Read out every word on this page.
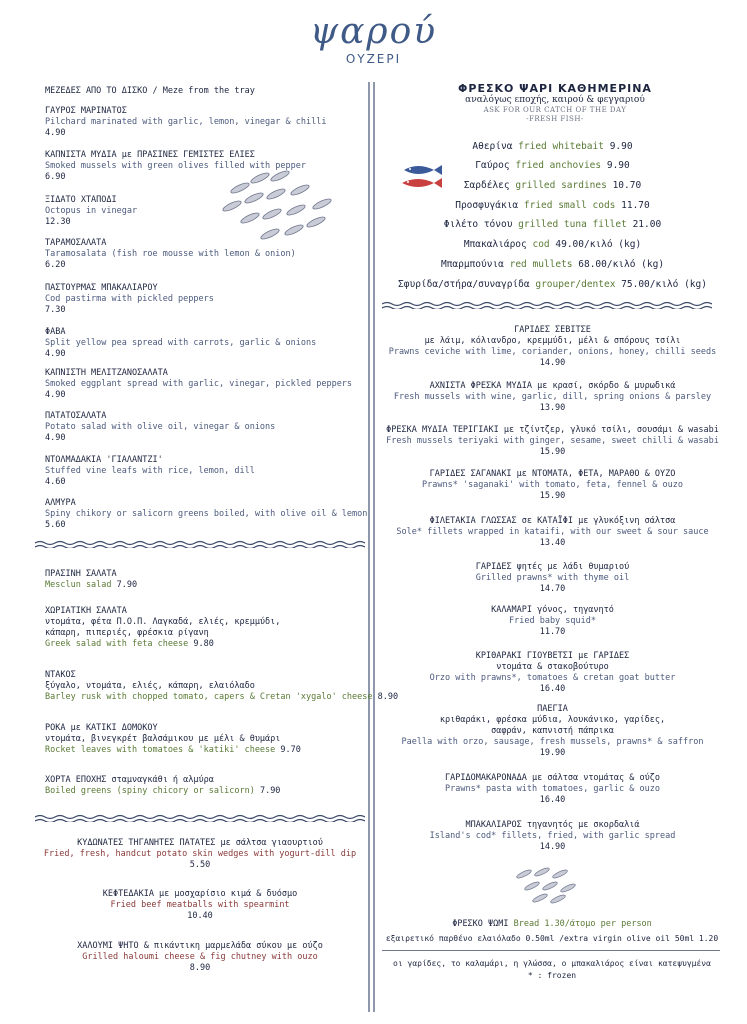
ψαρού
ΟΥΖΕΡΙ
ΜΕΖΕΔΕΣ ΑΠΟ ΤΟ ΔΙΣΚΟ / Meze from the tray
ΓΑΥΡΟΣ ΜΑΡΙΝΑΤΟΣ
Pilchard marinated with garlic, lemon, vinegar & chilli
4.90
ΚΑΠΝΙΣΤΑ ΜΥΔΙΑ με ΠΡΑΣΙΝΕΣ ΓΕΜΙΣΤΕΣ ΕΛΙΕΣ
Smoked mussels with green olives filled with pepper
6.90
ΞΙΔΑΤΟ ΧΤΑΠΟΔΙ
Octopus in vinegar
12.30
ΤΑΡΑΜΟΣΑΛΑΤΑ
Taramosalata (fish roe mousse with lemon & onion)
6.20
ΠΑΣΤΟΥΡΜΑΣ ΜΠΑΚΑΛΙΑΡΟΥ
Cod pastirma with pickled peppers
7.30
ΦΑΒΑ
Split yellow pea spread with carrots, garlic & onions
4.90
ΚΑΠΝΙΣΤΗ ΜΕΛΙΤΖΑΝΟΣΑΛΑΤΑ
Smoked eggplant spread with garlic, vinegar, pickled peppers
4.90
ΠΑΤΑΤΟΣΑΛΑΤΑ
Potato salad with olive oil, vinegar & onions
4.90
ΝΤΟΛΜΑΔΑΚΙΑ 'ΓΙΑΛΑΝΤΖΙ'
Stuffed vine leafs with rice, lemon, dill
4.60
ΑΛΜΥΡΑ
Spiny chikory or salicorn greens boiled, with olive oil & lemon
5.60
ΠΡΑΣΙΝΗ ΣΑΛΑΤΑ
Mesclun salad 7.90
ΧΩΡΙΑΤΙΚΗ ΣΑΛΑΤΑ
ντομάτα, φέτα Π.Ο.Π. Λαγκαδά, ελιές, κρεμμύδι,
κάπαρη, πιπεριές, φρέσκια ρίγανη
Greek salad with feta cheese 9.80
ΝΤΑΚΟΣ
ξύγαλο, ντομάτα, ελιές, κάπαρη, ελαιόλαδο
Barley rusk with chopped tomato, capers & Cretan 'xygalo' cheese 8.90
ΡΟΚΑ με ΚΑΤΙΚΙ ΔΟΜΟΚΟΥ
ντομάτα, βινεγκρέτ βαλσάμικου με μέλι & θυμάρι
Rocket leaves with tomatoes & 'katiki' cheese 9.70
ΧΟΡΤΑ ΕΠΟΧΗΣ σταμναγκάθι ή αλμύρα
Boiled greens (spiny chicory or salicorn) 7.90
ΚΥΔΩΝΑΤΕΣ ΤΗΓΑΝΗΤΕΣ ΠΑΤΑΤΕΣ με σάλτσα γιαουρτιού
Fried, fresh, handcut potato skin wedges with yogurt-dill dip
5.50
ΚΕΦΤΕΔΑΚΙΑ με μοσχαρίσιο κιμά & δυόσμο
Fried beef meatballs with spearmint
10.40
ΧΑΛΟΥΜΙ ΨΗΤΟ & πικάντικη μαρμελάδα σύκου με ούζο
Grilled haloumi cheese & fig chutney with ouzo
8.90
ΦΡΕΣΚΟ ΨΑΡΙ ΚΑΘΗΜΕΡΙΝΑ
αναλόγως εποχής, καιρού & φεγγαριού
ASK FOR OUR CATCH OF THE DAY
-FRESH FISH-
Αθερίνα fried whitebait 9.90
Γαύρος fried anchovies 9.90
Σαρδέλες grilled sardines 10.70
Προσφυγάκια fried small cods 11.70
Φιλέτο τόνου grilled tuna fillet 21.00
Μπακαλιάρος cod 49.00/κιλό (kg)
Μπαρμπούνια red mullets 68.00/κιλό (kg)
Σφυρίδα/στήρα/συναγρίδα grouper/dentex 75.00/κιλό (kg)
ΓΑΡΙΔΕΣ ΣΕΒΙΤΣΕ
με λάιμ, κόλιανδρο, κρεμμύδι, μέλι & σπόρους τσίλι
Prawns ceviche with lime, coriander, onions, honey, chilli seeds
14.90
ΑΧΝΙΣΤΑ ΦΡΕΣΚΑ ΜΥΔΙΑ με κρασί, σκόρδο & μυρωδικά
Fresh mussels with wine, garlic, dill, spring onions & parsley
13.90
ΦΡΕΣΚΑ ΜΥΔΙΑ ΤΕΡΙΓΙΑΚΙ με τζίντζερ, γλυκό τσίλι, σουσάμι & wasabi
Fresh mussels teriyaki with ginger, sesame, sweet chilli & wasabi
15.90
ΓΑΡΙΔΕΣ ΣΑΓΑΝΑΚΙ με ΝΤΟΜΑΤΑ, ΦΕΤΑ, ΜΑΡΑΘΟ & ΟΥΖΟ
Prawns* 'saganaki' with tomato, feta, fennel & ouzo
15.90
ΦΙΛΕΤΑΚΙΑ ΓΛΩΣΣΑΣ σε ΚΑΤΑΪΦΙ με γλυκόξινη σάλτσα
Sole* fillets wrapped in kataifi, with our sweet & sour sauce
13.40
ΓΑΡΙΔΕΣ ψητές με λάδι θυμαριού
Grilled prawns* with thyme oil
14.70
ΚΑΛΑΜΑΡΙ γόνος, τηγανητό
Fried baby squid*
11.70
ΚΡΙΘΑΡΑΚΙ ΓΙΟΥΒΕΤΣΙ με ΓΑΡΙΔΕΣ
ντομάτα & στακοβούτυρο
Orzo with prawns*, tomatoes & cretan goat butter
16.40
ΠΑΕΓΙΑ
κριθαράκι, φρέσκα μύδια, λουκάνικο, γαρίδες,
σαφράν, καπνιστή πάπρικα
Paella with orzo, sausage, fresh mussels, prawns* & saffron
19.90
ΓΑΡΙΔΟΜΑΚΑΡΟΝΑΔΑ με σάλτσα ντομάτας & ούζο
Prawns* pasta with tomatoes, garlic & ouzo
16.40
ΜΠΑΚΑΛΙΑΡΟΣ τηγανητός με σκορδαλιά
Island's cod* fillets, fried, with garlic spread
14.90
ΦΡΕΣΚΟ ΨΩΜΙ Bread 1.30/άτομο per person
εξαιρετικό παρθένο ελαιόλαδο 0.50ml /extra virgin olive oil 50ml 1.20
οι γαρίδες, το καλαμάρι, η γλώσσα, ο μπακαλιάρος είναι κατεψυγμένα
* : frozen
